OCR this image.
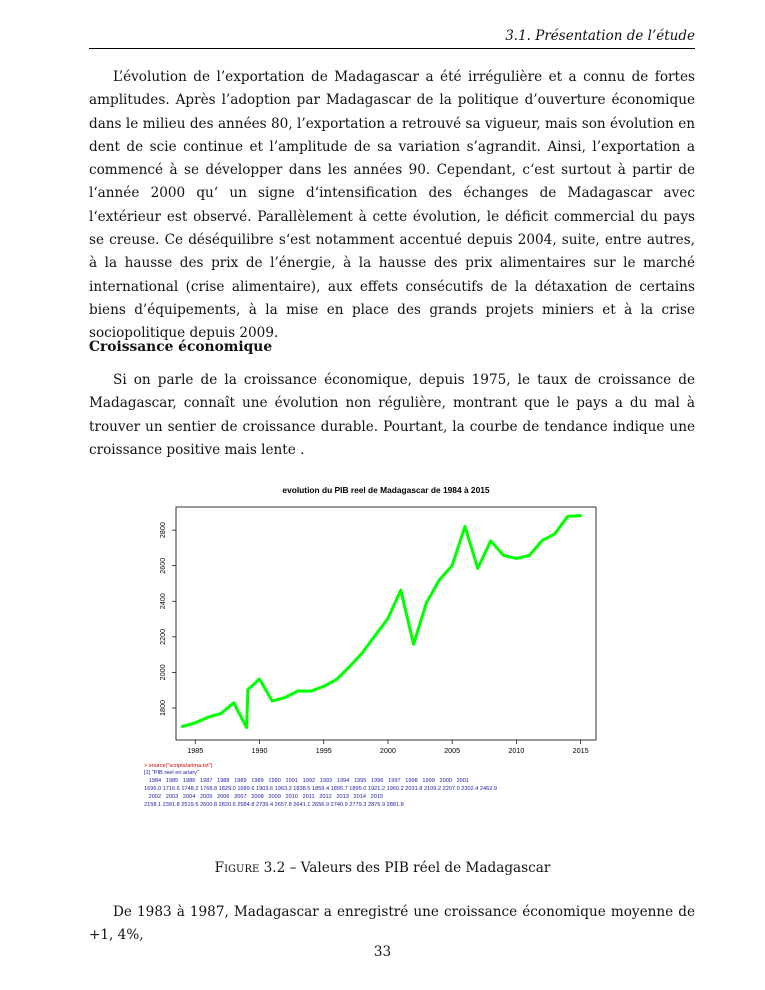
3.1. Présentation de l’étude

L’évolution de l’exportation de Madagascar a été irrégulière et a connu de fortes amplitudes. Après l’adoption par Madagascar de la politique d’ouverture économique dans le milieu des années 80, l’exportation a retrouvé sa vigueur, mais son évolution en dent de scie continue et l’amplitude de sa variation s’agrandit. Ainsi, l’exportation a commencé à se développer dans les années 90. Cependant, c‘est surtout à partir de l‘année 2000 qu‘ un signe d‘intensification des échanges de Madagascar avec l‘extérieur est observé. Parallèlement à cette évolution, le déficit commercial du pays se creuse. Ce déséquilibre s‘est notamment accentué depuis 2004, suite, entre autres, à la hausse des prix de l’énergie, à la hausse des prix alimentaires sur le marché international (crise alimentaire), aux effets consécutifs de la détaxation de certains biens d’équipements, à la mise en place des grands projets miniers et à la crise sociopolitique depuis 2009.

Croissance économique

Si on parle de la croissance économique, depuis 1975, le taux de croissance de Madagascar, connaît une évolution non régulière, montrant que le pays a du mal à trouver un sentier de croissance durable. Pourtant, la courbe de tendance indique une croissance positive mais lente .

evolution du PIB reel de Madagascar de 1984 à 2015
1985	1990	1995	2000	2005	2010	2015
1800
2000
2200
2400
2600
2800
> source("scripts/arima.txt")
[1] "PIB reel en ariary"
1984   1985   1986   1987   1988   1989   1989   1990   1991   1992   1993   1994   1995   1996   1997   1998   1999   2000   2001
1696.0 1716.6 1748.2 1768.8 1829.0 1689.6 1903.6 1963.2 1838.5 1859.4 1895.7 1895.0 1921.2 1960.2 2031.8 2109.2 2207.0 2302.4 2462.9
2002   2003   2004   2005   2006   2007   2008   2009   2010   2011   2012   2013   2014   2015
2158.1 2391.8 2519.5 2600.8 2820.6 2584.8 2739.4 2657.8 2641.1 2656.9 2740.9 2779.3 2876.9 2881.8
Figure 3.2 – Valeurs des PIB réel de Madagascar

De 1983 à 1987, Madagascar a enregistré une croissance économique moyenne de +1, 4%,

33
